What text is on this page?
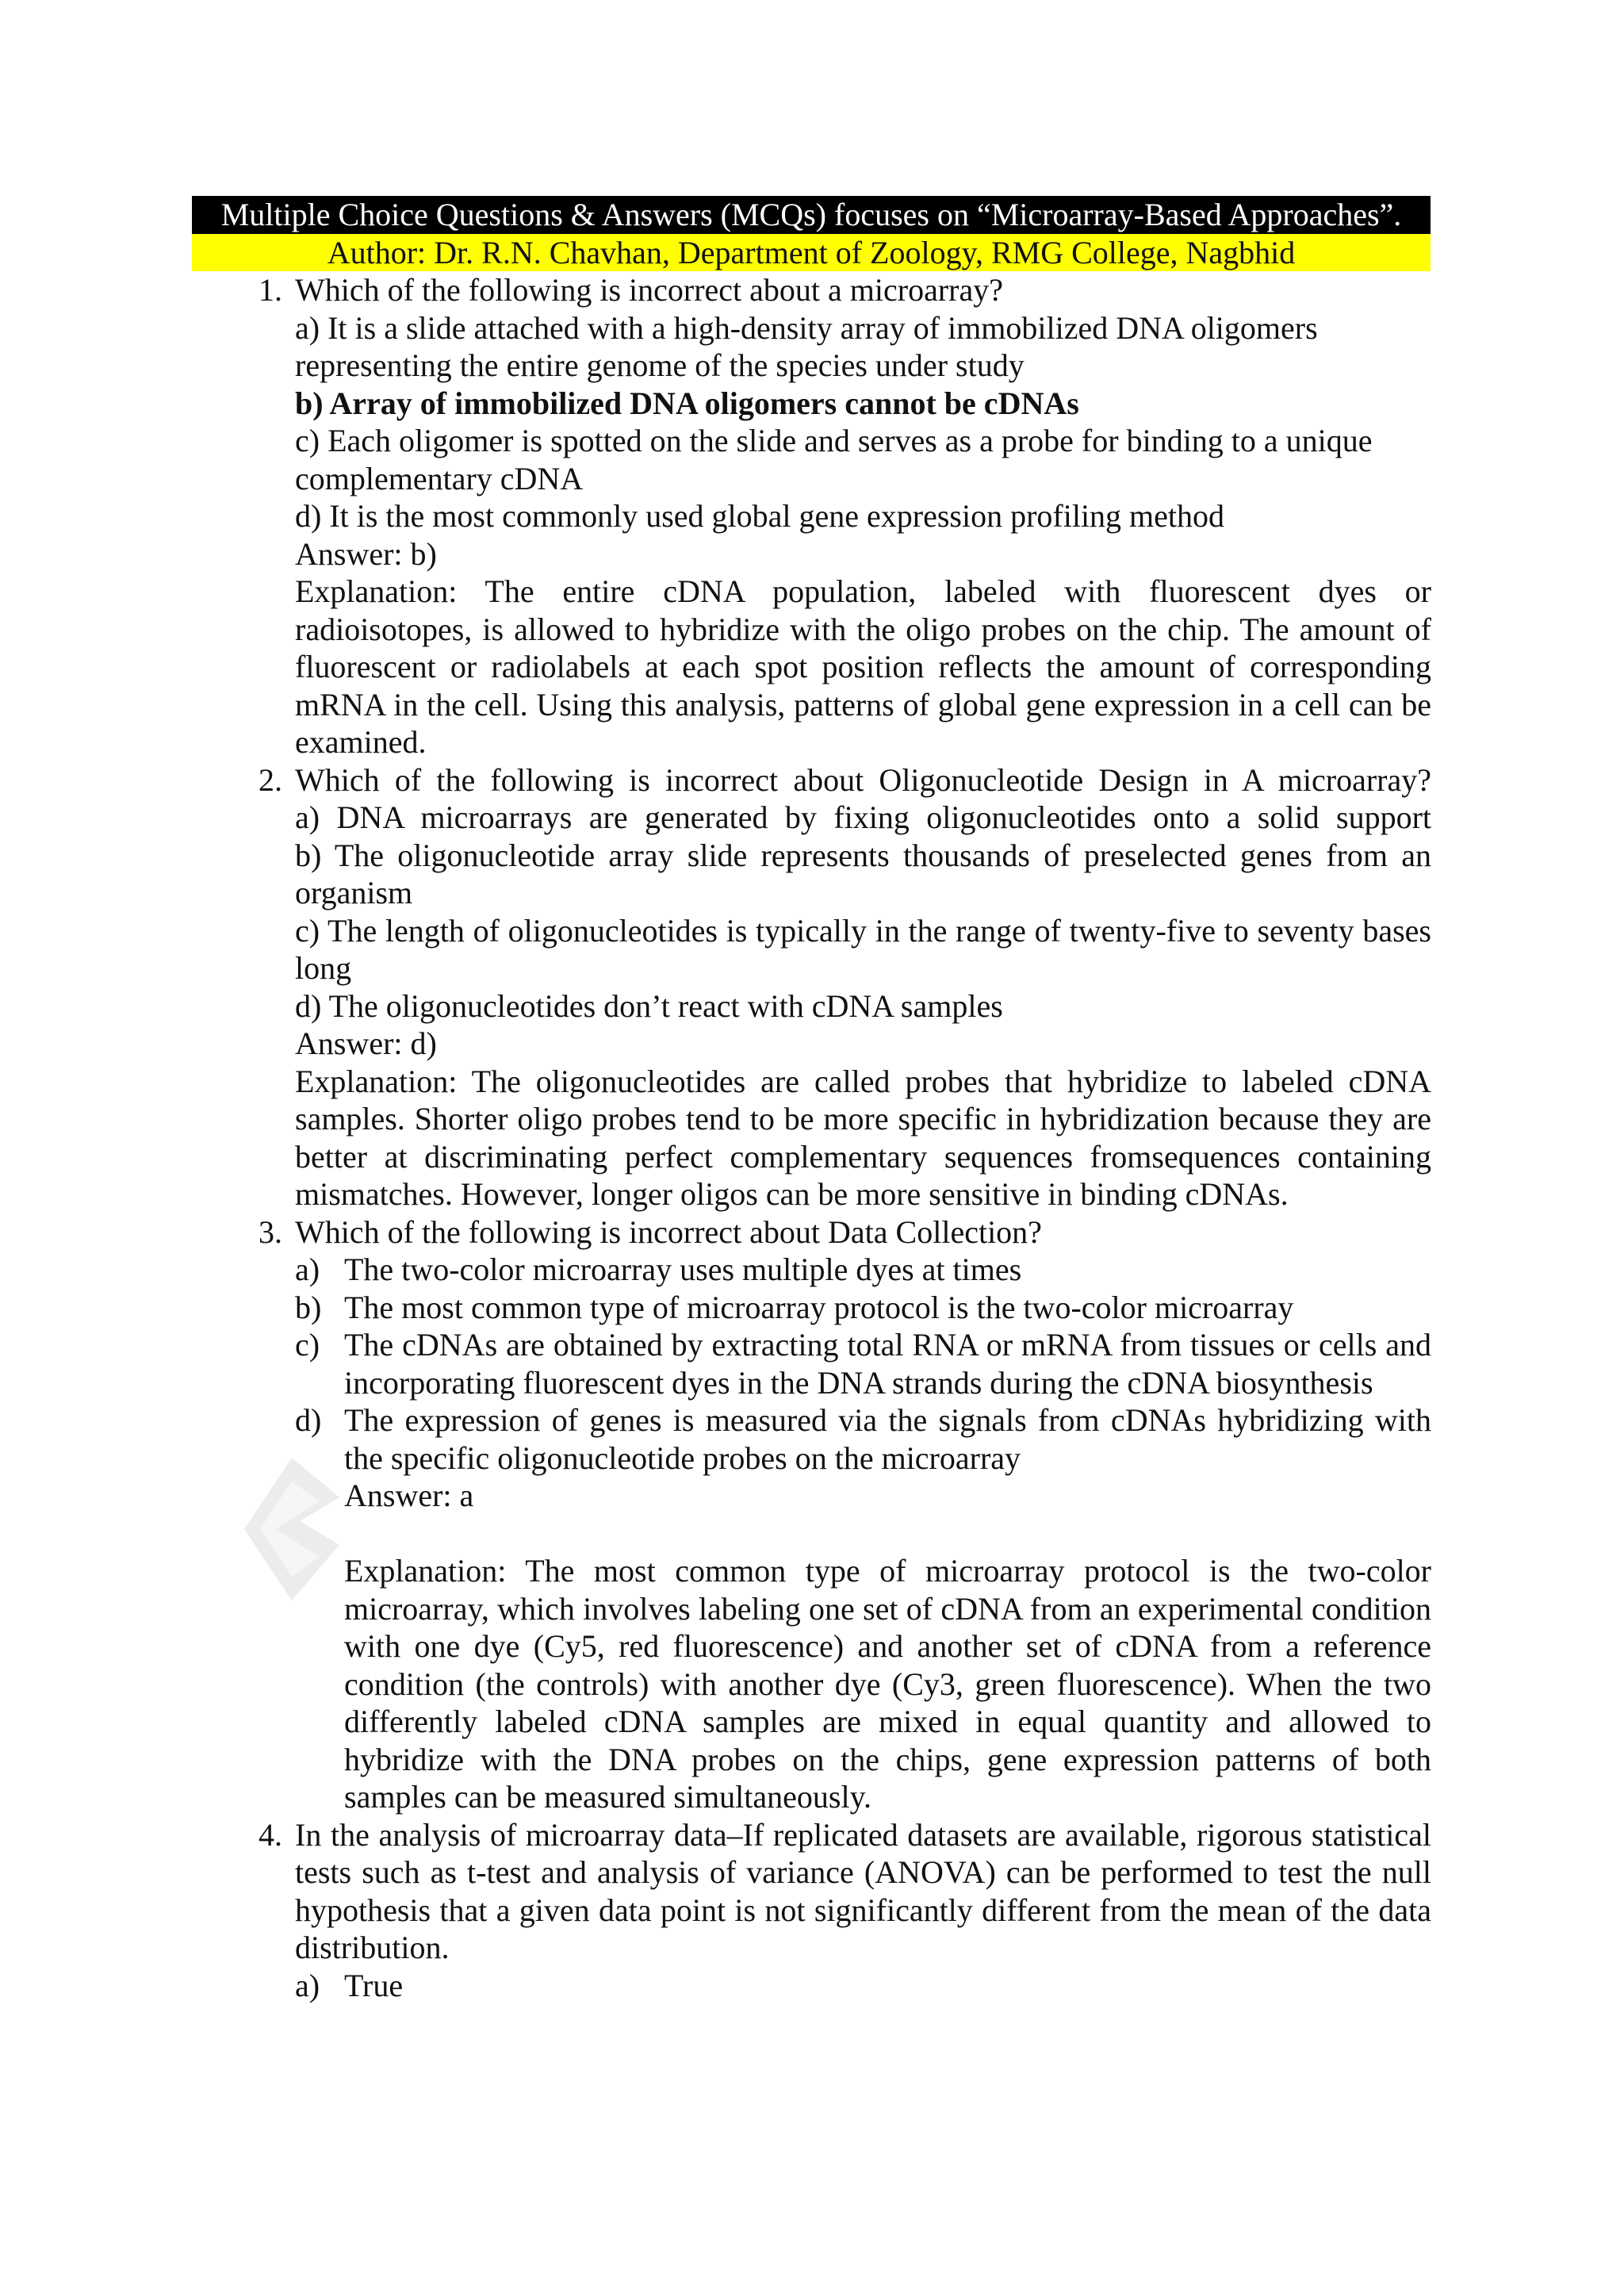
Multiple Choice Questions & Answers (MCQs) focuses on “Microarray-Based Approaches”.
Author: Dr. R.N. Chavhan, Department of Zoology, RMG College, Nagbhid
1. Which of the following is incorrect about a microarray?
a) It is a slide attached with a high-density array of immobilized DNA oligomers representing the entire genome of the species under study
b) Array of immobilized DNA oligomers cannot be cDNAs
c) Each oligomer is spotted on the slide and serves as a probe for binding to a unique complementary cDNA
d) It is the most commonly used global gene expression profiling method
Answer: b)
Explanation: The entire cDNA population, labeled with fluorescent dyes or radioisotopes, is allowed to hybridize with the oligo probes on the chip. The amount of fluorescent or radiolabels at each spot position reflects the amount of corresponding mRNA in the cell. Using this analysis, patterns of global gene expression in a cell can be examined.
2. Which of the following is incorrect about Oligonucleotide Design in A microarray?
a) DNA microarrays are generated by fixing oligonucleotides onto a solid support
b) The oligonucleotide array slide represents thousands of preselected genes from an organism
c) The length of oligonucleotides is typically in the range of twenty-five to seventy bases long
d) The oligonucleotides don’t react with cDNA samples
Answer: d)
Explanation: The oligonucleotides are called probes that hybridize to labeled cDNA samples. Shorter oligo probes tend to be more specific in hybridization because they are better at discriminating perfect complementary sequences fromsequences containing mismatches. However, longer oligos can be more sensitive in binding cDNAs.
3. Which of the following is incorrect about Data Collection?
a) The two-color microarray uses multiple dyes at times
b) The most common type of microarray protocol is the two-color microarray
c) The cDNAs are obtained by extracting total RNA or mRNA from tissues or cells and incorporating fluorescent dyes in the DNA strands during the cDNA biosynthesis
d) The expression of genes is measured via the signals from cDNAs hybridizing with the specific oligonucleotide probes on the microarray
Answer: a
Explanation: The most common type of microarray protocol is the two-color microarray, which involves labeling one set of cDNA from an experimental condition with one dye (Cy5, red fluorescence) and another set of cDNA from a reference condition (the controls) with another dye (Cy3, green fluorescence). When the two differently labeled cDNA samples are mixed in equal quantity and allowed to hybridize with the DNA probes on the chips, gene expression patterns of both samples can be measured simultaneously.
4. In the analysis of microarray data–If replicated datasets are available, rigorous statistical tests such as t-test and analysis of variance (ANOVA) can be performed to test the null hypothesis that a given data point is not significantly different from the mean of the data distribution.
a) True
